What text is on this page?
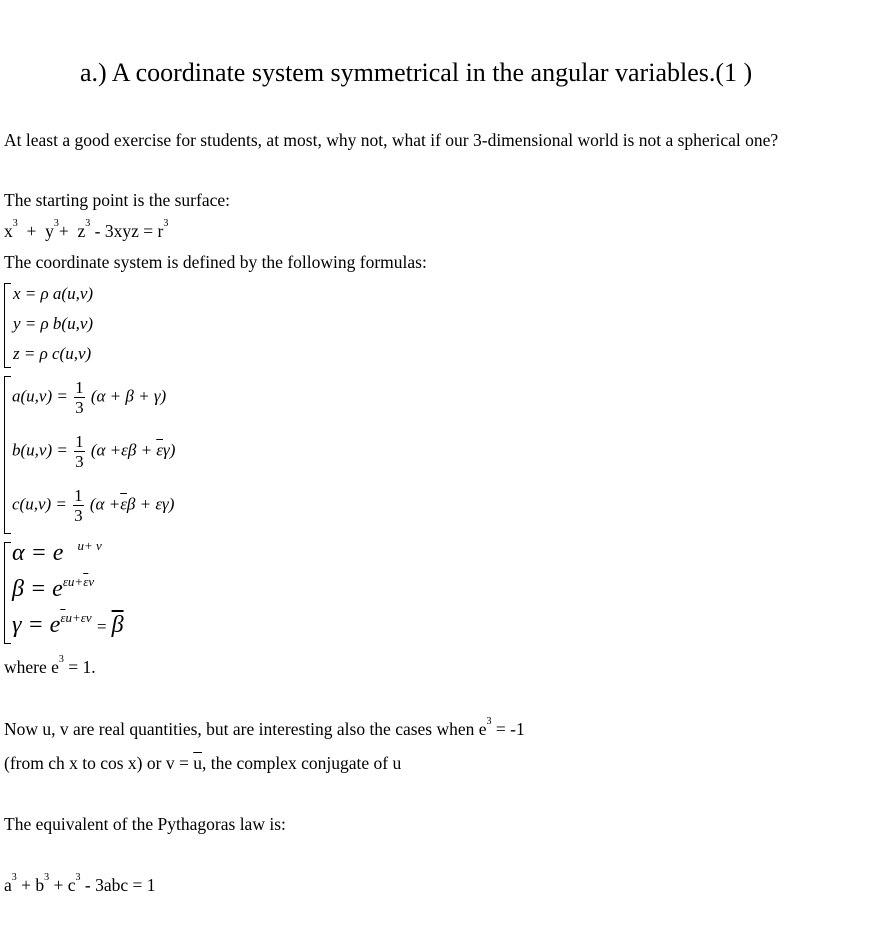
a.) A coordinate system symmetrical in the angular variables.(1 )
At least a good exercise for students, at most, why not, what if our 3-dimensional world is not a spherical one?
The starting point is the surface:
$x^3 + y^3+ z^3 - 3xyz = r^3$
The coordinate system is defined by the following formulas:
x = ρ a(u,v)
y = ρ b(u,v)
z = ρ c(u,v)
$a(u,v) = \frac{1}{3} (\alpha + \beta + \gamma)$
$b(u,v) = \frac{1}{3} (\alpha +\varepsilon\beta + \overline{\varepsilon}\gamma)$
$c(u,v) = \frac{1}{3} (\alpha +\overline{\varepsilon}\beta + \varepsilon\gamma)$
α = e $^{u+ v}$
$\beta = e^{\varepsilon u+\overline{\varepsilon}v}$
$\gamma = e^{\overline{\varepsilon}u+\varepsilon v} = \overline{\beta}$
where $e^3 = 1$.
Now u, v are real quantities, but are interesting also the cases when $e^3 = -1$
(from ch x to cos x) or $v = \overline{u}$, the complex conjugate of u
The equivalent of the Pythagoras law is:
$a^3 + b^3 + c^3 - 3abc = 1$
